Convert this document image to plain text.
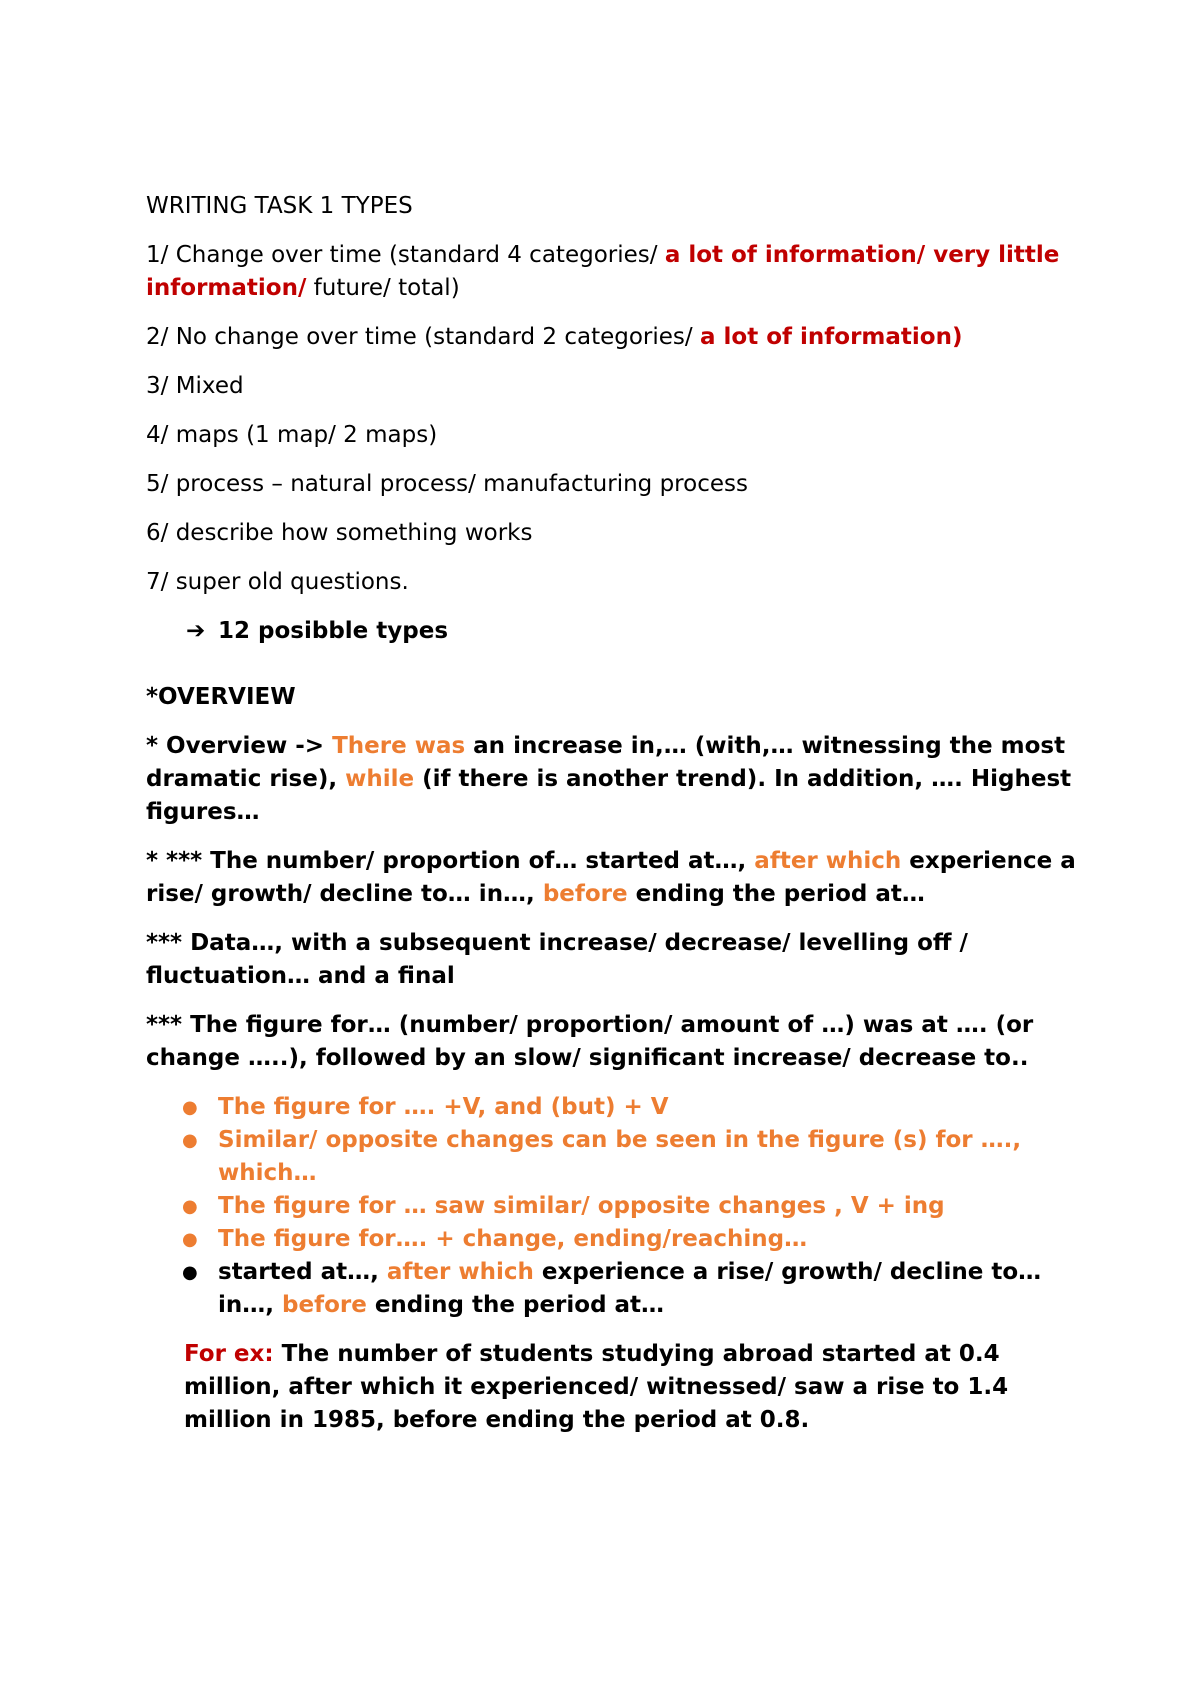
WRITING TASK 1 TYPES

1/ Change over time (standard 4 categories/ a lot of information/ very little information/ future/ total)

2/ No change over time (standard 2 categories/ a lot of information)

3/ Mixed

4/ maps (1 map/ 2 maps)

5/ process – natural process/ manufacturing process

6/ describe how something works

7/ super old questions.

➔ 12 posibble types

*OVERVIEW

* Overview -> There was an increase in,… (with,… witnessing the most dramatic rise), while (if there is another trend). In addition, …. Highest figures…

* *** The number/ proportion of… started at…, after which experience a rise/ growth/ decline to… in…, before ending the period at…

*** Data…, with a subsequent increase/ decrease/ levelling off / fluctuation… and a final

*** The figure for… (number/ proportion/ amount of …) was at …. (or change …..), followed by an slow/ significant increase/ decrease to..

● The figure for …. +V, and (but) + V
● Similar/ opposite changes can be seen in the figure (s) for …., which…
● The figure for … saw similar/ opposite changes , V + ing
● The figure for…. + change, ending/reaching…
● started at…, after which experience a rise/ growth/ decline to… in…, before ending the period at…

For ex: The number of students studying abroad started at 0.4 million, after which it experienced/ witnessed/ saw a rise to 1.4 million in 1985, before ending the period at 0.8.
